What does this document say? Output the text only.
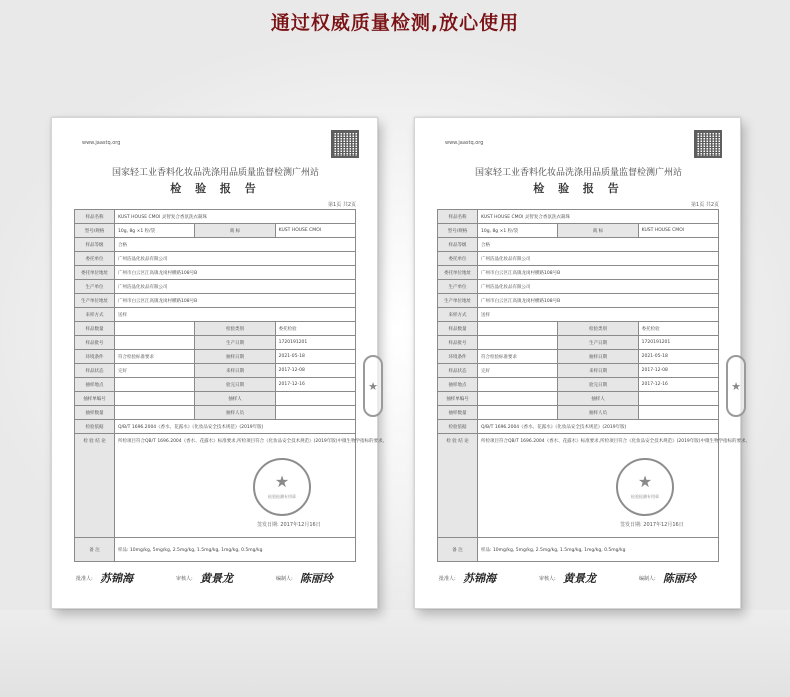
通过权威质量检测,放心使用
www.jaastq.org
国家轻工业香料化妆品洗涤用品质量监督检测广州站
检 验 报 告
第1页 共2页
样品名称	KUST HOUSE CMOI 灵智复合香氛洗衣凝珠		
型号/规格	10g, 8g ×1 粒/袋	商 标	KUST HOUSE CMOI
样品等级	合格		
委托单位	广州洁晶化妆品有限公司		
委托单位地址	广州市白云区江高镇龙岗村横路108号B		
生产单位	广州洁晶化妆品有限公司		
生产单位地址	广州市白云区江高镇龙岗村横路108号B		
来样方式	送样		
样品数量		检验类别	委托检验
样品批号		生产日期	1720191201
环境条件	符合检验标准要求	抽样日期	2021-05-18
样品状态	完好	来样日期	2017-12-08
抽样地点		验完日期	2017-12-16
抽样单编号		抽样人	
抽样数量		抽样人员	
检验依据	Q/B/T 1696.2004《香水、花露水》《化妆品安全技术规范》(2019年版)		
检 验 结 论	所检项目符合QB/T 1696.2004《香水、花露水》标准要求,所检项目符合《化妆品安全技术规范》(2019年版)中微生物学指标的要求。		
备 注	样品: 10mg/kg, 5mg/kg, 2.5mg/kg, 1.5mg/kg, 1mg/kg, 0.5mg/kg		
★
检验检测专用章
签发日期: 2017年12月16日
批准人: 苏锦海	审核人: 黄景龙	编制人: 陈丽玲
★
www.jaastq.org
国家轻工业香料化妆品洗涤用品质量监督检测广州站
检 验 报 告
第1页 共2页
样品名称	KUST HOUSE CMOI 灵智复合香氛洗衣凝珠		
型号/规格	10g, 8g ×1 粒/袋	商 标	KUST HOUSE CMOI
样品等级	合格		
委托单位	广州洁晶化妆品有限公司		
委托单位地址	广州市白云区江高镇龙岗村横路108号B		
生产单位	广州洁晶化妆品有限公司		
生产单位地址	广州市白云区江高镇龙岗村横路108号B		
来样方式	送样		
样品数量		检验类别	委托检验
样品批号		生产日期	1720191201
环境条件	符合检验标准要求	抽样日期	2021-05-18
样品状态	完好	来样日期	2017-12-08
抽样地点		验完日期	2017-12-16
抽样单编号		抽样人	
抽样数量		抽样人员	
检验依据	Q/B/T 1696.2004《香水、花露水》《化妆品安全技术规范》(2019年版)		
检 验 结 论	所检项目符合QB/T 1696.2004《香水、花露水》标准要求,所检项目符合《化妆品安全技术规范》(2019年版)中微生物学指标的要求。		
备 注	样品: 10mg/kg, 5mg/kg, 2.5mg/kg, 1.5mg/kg, 1mg/kg, 0.5mg/kg		
★
检验检测专用章
签发日期: 2017年12月16日
批准人: 苏锦海	审核人: 黄景龙	编制人: 陈丽玲
★
